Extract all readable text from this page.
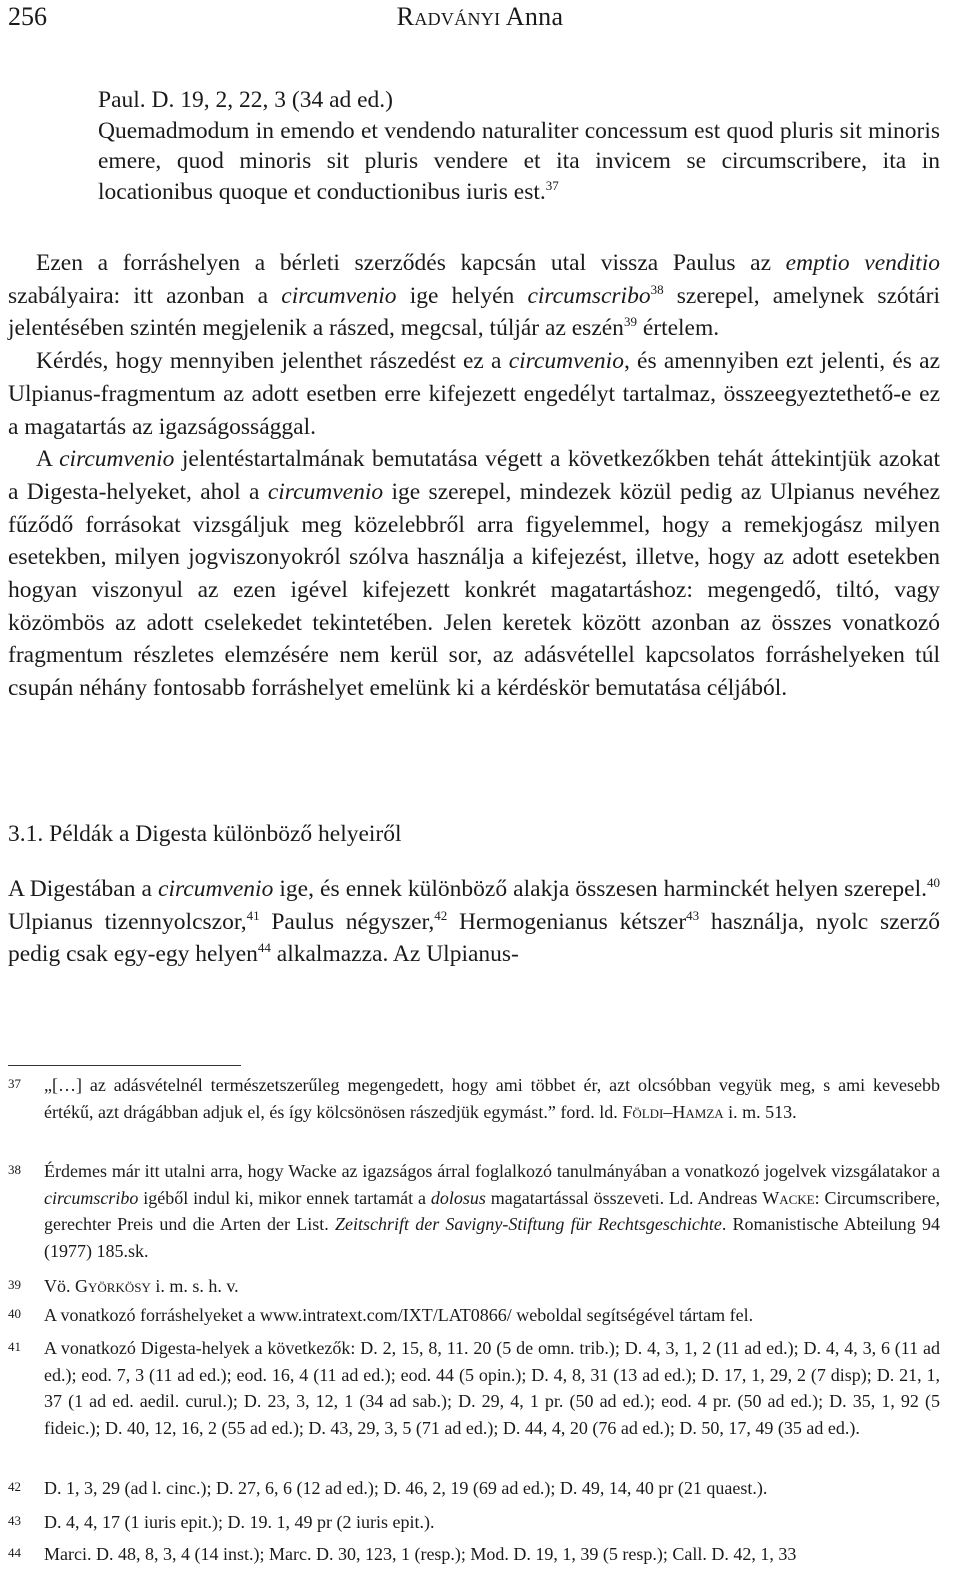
256	Radványi Anna

Paul. D. 19, 2, 22, 3 (34 ad ed.)

Quemadmodum in emendo et vendendo naturaliter concessum est quod pluris sit minoris emere, quod minoris sit pluris vendere et ita invicem se circumscribere, ita in locationibus quoque et conductionibus iuris est.$^{37}$

Ezen a forráshelyen a bérleti szerződés kapcsán utal vissza Paulus az emptio venditio szabályaira: itt azonban a circumvenio ige helyén circumscribo$^{38}$ szerepel, amelynek szótári jelentésében szintén megjelenik a rászed, megcsal, túljár az eszén$^{39}$ értelem.

Kérdés, hogy mennyiben jelenthet rászedést ez a circumvenio, és amennyiben ezt jelenti, és az Ulpianus-fragmentum az adott esetben erre kifejezett engedélyt tartalmaz, összeegyeztethető-e ez a magatartás az igazságossággal.

A circumvenio jelentéstartalmának bemutatása végett a következőkben tehát áttekintjük azokat a Digesta-helyeket, ahol a circumvenio ige szerepel, mindezek közül pedig az Ulpianus nevéhez fűződő forrásokat vizsgáljuk meg közelebbről arra figyelemmel, hogy a remekjogász milyen esetekben, milyen jogviszonyokról szólva használja a kifejezést, illetve, hogy az adott esetekben hogyan viszonyul az ezen igével kifejezett konkrét magatartáshoz: megengedő, tiltó, vagy közömbös az adott cselekedet tekintetében. Jelen keretek között azonban az összes vonatkozó fragmentum részletes elemzésére nem kerül sor, az adásvétellel kapcsolatos forráshelyeken túl csupán néhány fontosabb forráshelyet emelünk ki a kérdéskör bemutatása céljából.

3.1. Példák a Digesta különböző helyeiről

A Digestában a circumvenio ige, és ennek különböző alakja összesen harminckét helyen szerepel.$^{40}$ Ulpianus tizennyolcszor,$^{41}$ Paulus négyszer,$^{42}$ Hermogenianus kétszer$^{43}$ használja, nyolc szerző pedig csak egy-egy helyen$^{44}$ alkalmazza. Az Ulpianus-

37 „[…] az adásvételnél természetszerűleg megengedett, hogy ami többet ér, azt olcsóbban vegyük meg, s ami kevesebb értékű, azt drágábban adjuk el, és így kölcsönösen rászedjük egymást.” ford. ld. Földi–Hamza i. m. 513.
38 Érdemes már itt utalni arra, hogy Wacke az igazságos árral foglalkozó tanulmányában a vonatkozó jogelvek vizsgálatakor a circumscribo igéből indul ki, mikor ennek tartamát a dolosus magatartással összeveti. Ld. Andreas Wacke: Circumscribere, gerechter Preis und die Arten der List. Zeitschrift der Savigny-Stiftung für Rechtsgeschichte. Romanistische Abteilung 94 (1977) 185.sk.
39 Vö. Györkösy i. m. s. h. v.
40 A vonatkozó forráshelyeket a www.intratext.com/IXT/LAT0866/ weboldal segítségével tártam fel.
41 A vonatkozó Digesta-helyek a következők: D. 2, 15, 8, 11. 20 (5 de omn. trib.); D. 4, 3, 1, 2 (11 ad ed.); D. 4, 4, 3, 6 (11 ad ed.); eod. 7, 3 (11 ad ed.); eod. 16, 4 (11 ad ed.); eod. 44 (5 opin.); D. 4, 8, 31 (13 ad ed.); D. 17, 1, 29, 2 (7 disp); D. 21, 1, 37 (1 ad ed. aedil. curul.); D. 23, 3, 12, 1 (34 ad sab.); D. 29, 4, 1 pr. (50 ad ed.); eod. 4 pr. (50 ad ed.); D. 35, 1, 92 (5 fideic.); D. 40, 12, 16, 2 (55 ad ed.); D. 43, 29, 3, 5 (71 ad ed.); D. 44, 4, 20 (76 ad ed.); D. 50, 17, 49 (35 ad ed.).
42 D. 1, 3, 29 (ad l. cinc.); D. 27, 6, 6 (12 ad ed.); D. 46, 2, 19 (69 ad ed.); D. 49, 14, 40 pr (21 quaest.).
43 D. 4, 4, 17 (1 iuris epit.); D. 19. 1, 49 pr (2 iuris epit.).
44 Marci. D. 48, 8, 3, 4 (14 inst.); Marc. D. 30, 123, 1 (resp.); Mod. D. 19, 1, 39 (5 resp.); Call. D. 42, 1, 33
